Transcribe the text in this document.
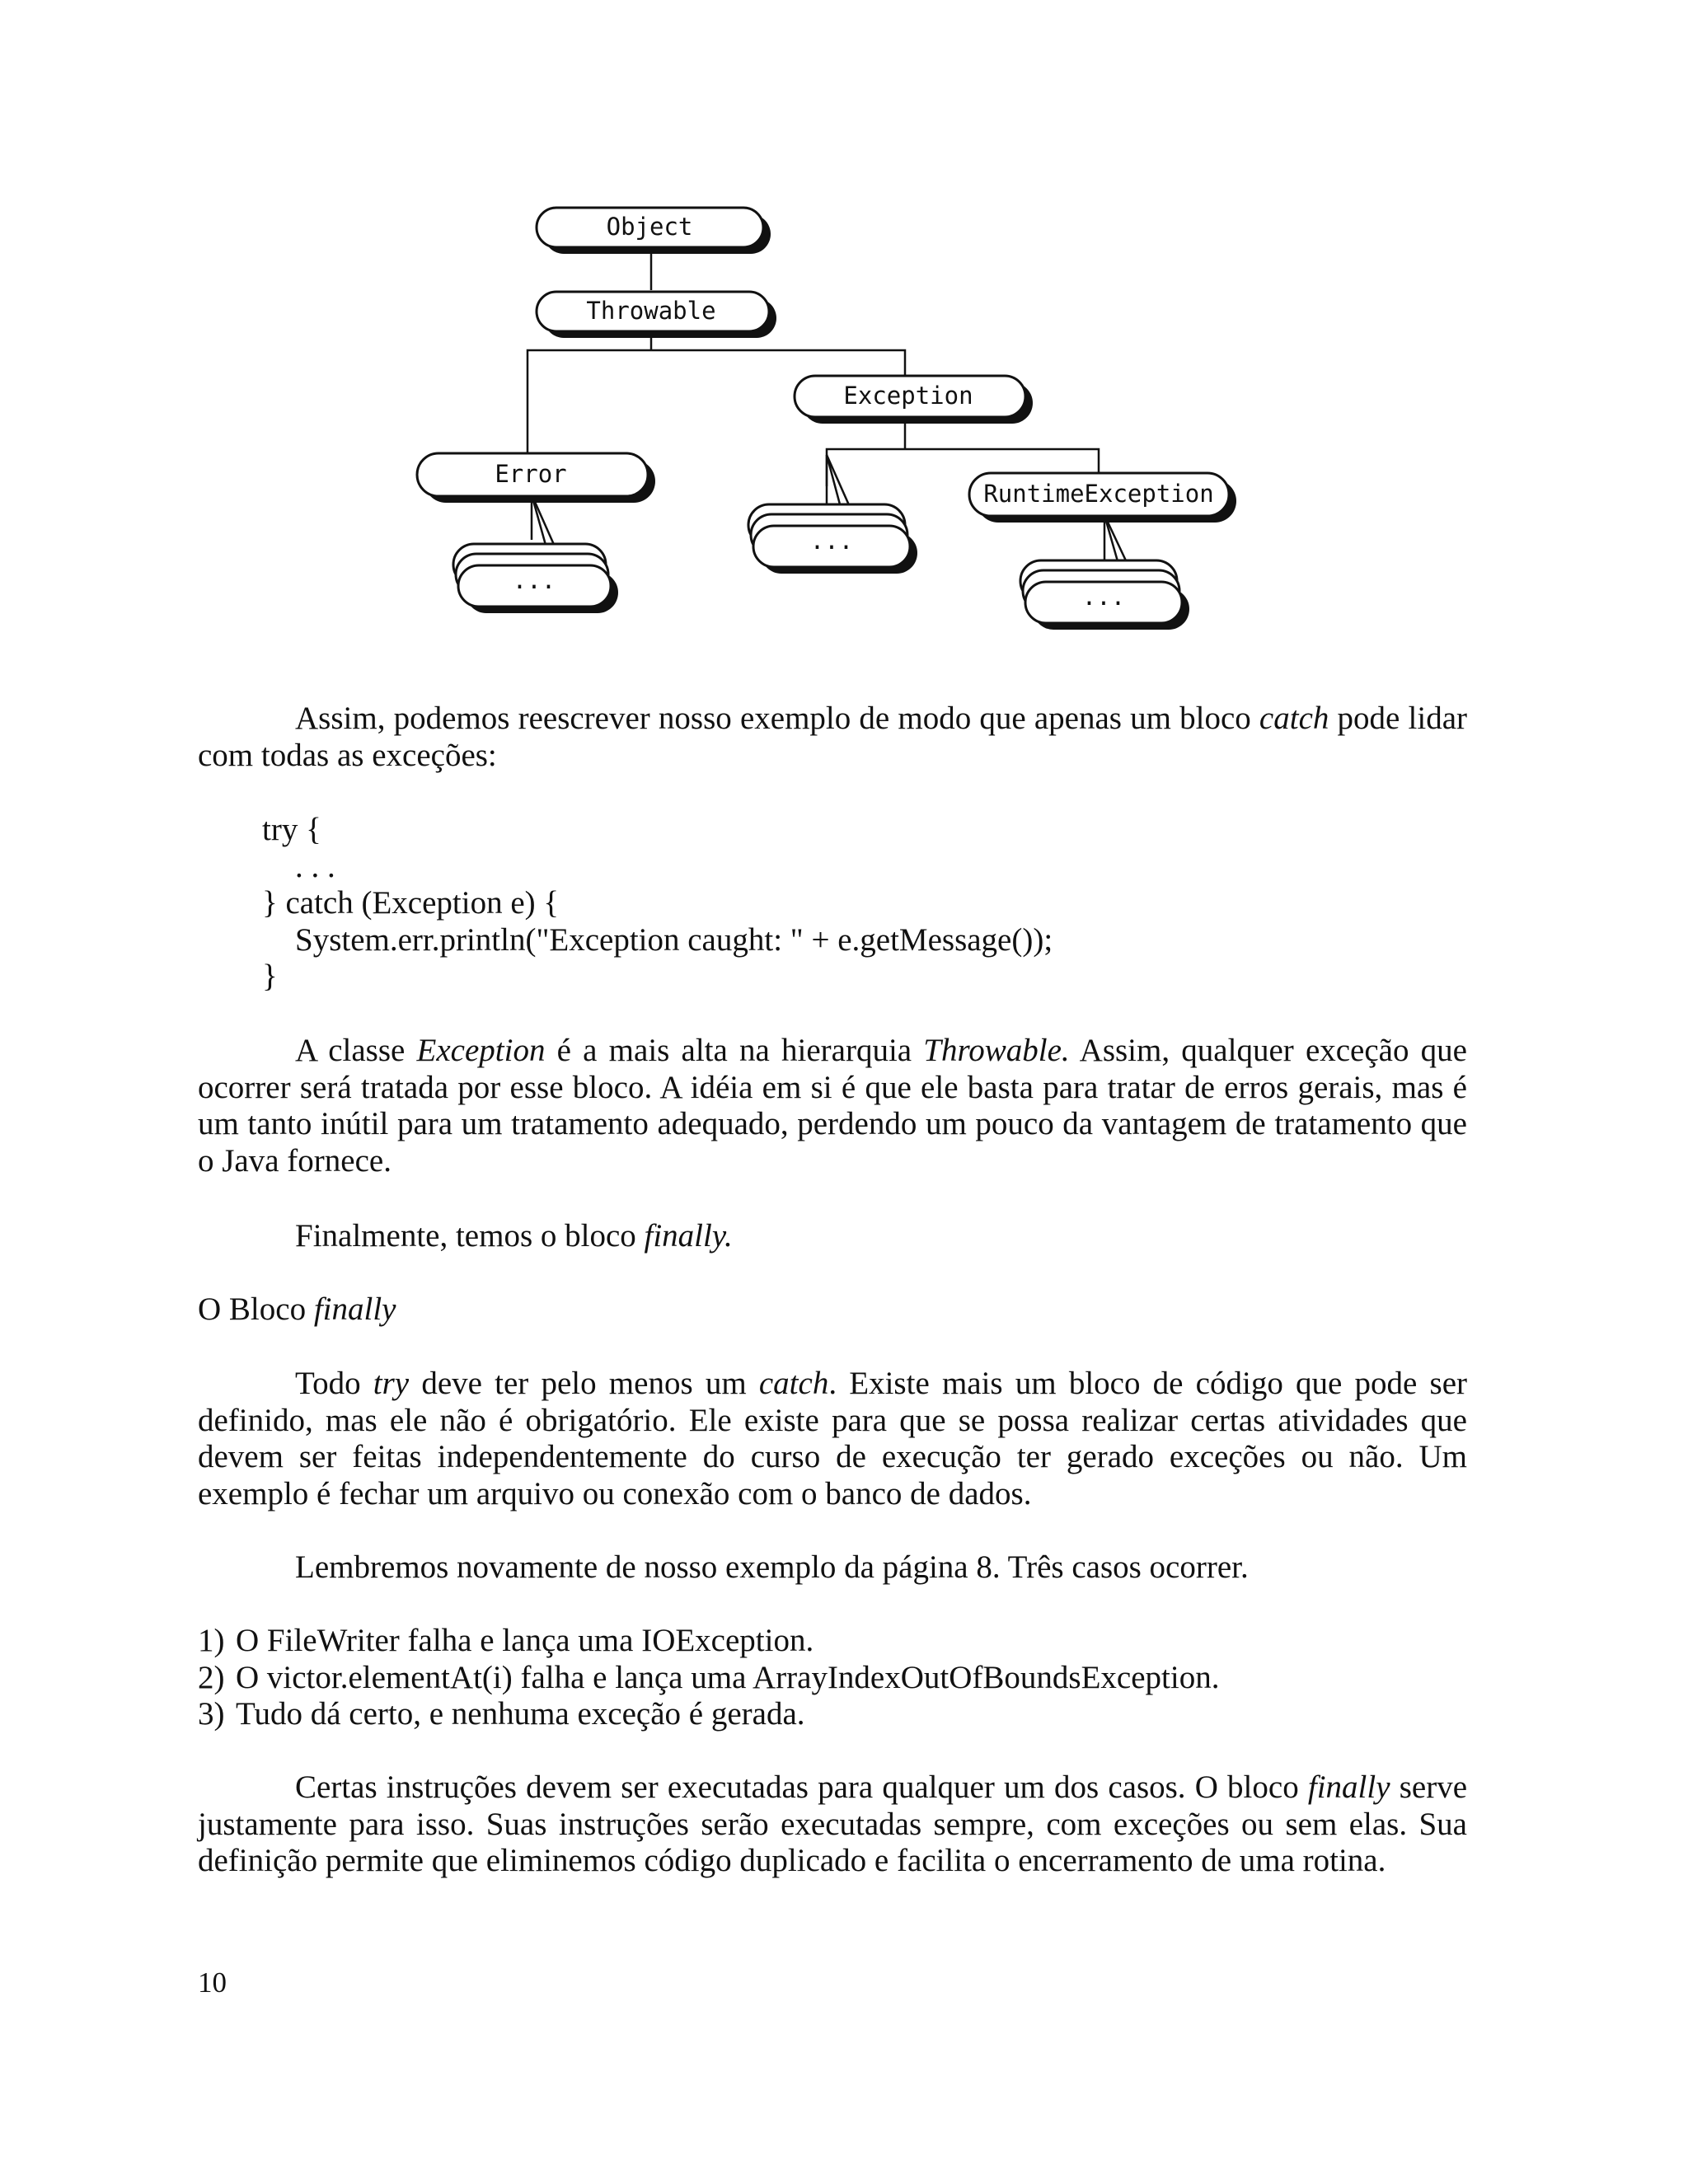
Object
Throwable
Exception
Error
RuntimeException
...
...
...

Assim, podemos reescrever nosso exemplo de modo que apenas um bloco catch pode lidar com todas as exceções:

try {
. . .
} catch (Exception e) {
System.err.println("Exception caught: " + e.getMessage());
}

A classe Exception é a mais alta na hierarquia Throwable. Assim, qualquer exceção que ocorrer será tratada por esse bloco. A idéia em si é que ele basta para tratar de erros gerais, mas é um tanto inútil para um tratamento adequado, perdendo um pouco da vantagem de tratamento que o Java fornece.

Finalmente, temos o bloco finally.

O Bloco finally

Todo try deve ter pelo menos um catch. Existe mais um bloco de código que pode ser definido, mas ele não é obrigatório. Ele existe para que se possa realizar certas atividades que devem ser feitas independentemente do curso de execução ter gerado exceções ou não. Um exemplo é fechar um arquivo ou conexão com o banco de dados.

Lembremos novamente de nosso exemplo da página 8. Três casos ocorrer.

1) O FileWriter falha e lança uma IOException.
2) O victor.elementAt(i) falha e lança uma ArrayIndexOutOfBoundsException.
3) Tudo dá certo, e nenhuma exceção é gerada.

Certas instruções devem ser executadas para qualquer um dos casos. O bloco finally serve justamente para isso. Suas instruções serão executadas sempre, com exceções ou sem elas. Sua definição permite que eliminemos código duplicado e facilita o encerramento de uma rotina.

10
